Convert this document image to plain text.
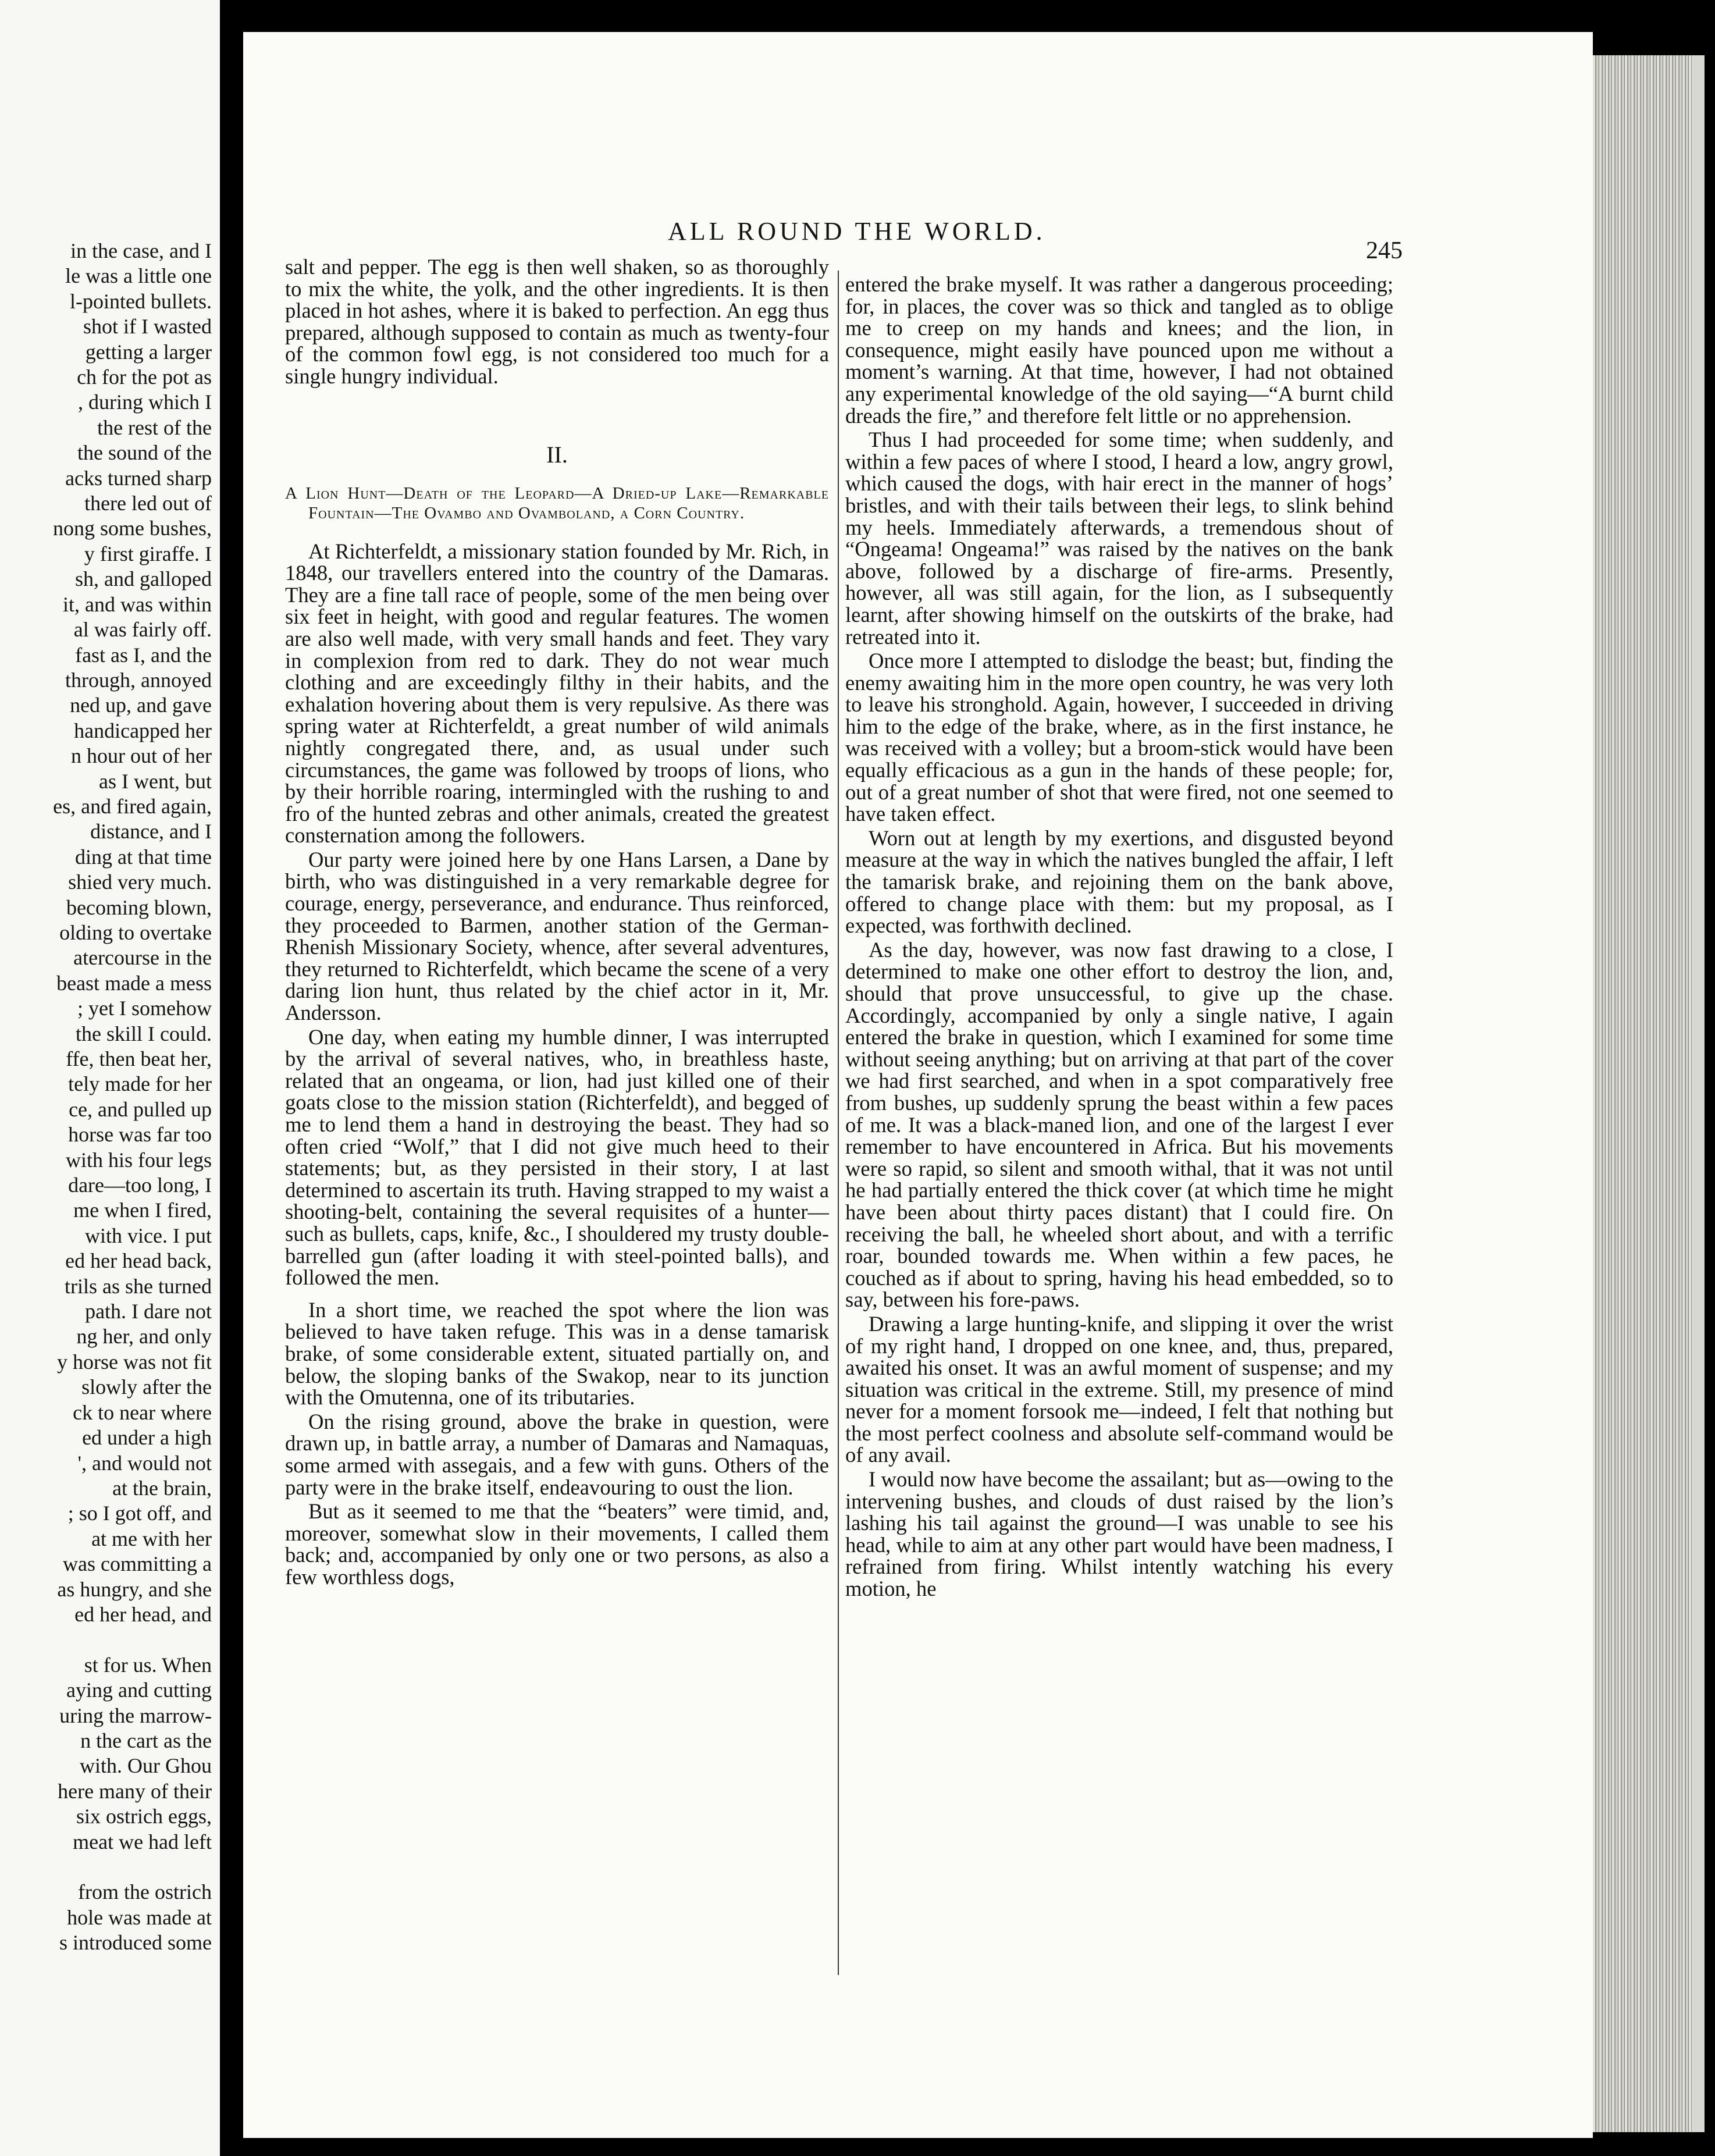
in the case, and I
le was a little one
l-pointed bullets.
shot if I wasted
getting a larger
ch for the pot as
, during which I
the rest of the
the sound of the
acks turned sharp
there led out of
nong some bushes,
y first giraffe. I
sh, and galloped
it, and was within
al was fairly off.
fast as I, and the
through, annoyed
ned up, and gave
handicapped her
n hour out of her
as I went, but
es, and fired again,
distance, and I
ding at that time
shied very much.
becoming blown,
olding to overtake
atercourse in the
beast made a mess
; yet I somehow
the skill I could.
ffe, then beat her,
tely made for her
ce, and pulled up
horse was far too
with his four legs
dare—too long, I
me when I fired,
with vice. I put
ed her head back,
trils as she turned
path. I dare not
ng her, and only
y horse was not fit
slowly after the
ck to near where
ed under a high
', and would not
at the brain,
; so I got off, and
at me with her
was committing a
as hungry, and she
ed her head, and
st for us. When
aying and cutting
uring the marrow-
n the cart as the
with. Our Ghou
here many of their
six ostrich eggs,
meat we had left
from the ostrich
hole was made at
s introduced some
ALL ROUND THE WORLD.
245

salt and pepper. The egg is then well shaken, so as thoroughly to mix the white, the yolk, and the other ingredients. It is then placed in hot ashes, where it is baked to perfection. An egg thus prepared, although supposed to contain as much as twenty-four of the common fowl egg, is not considered too much for a single hungry individual.

II.
A Lion Hunt—Death of the Leopard—A Dried-up Lake—Remarkable Fountain—The Ovambo and Ovamboland, a Corn Country.

At Richterfeldt, a missionary station founded by Mr. Rich, in 1848, our travellers entered into the country of the Damaras. They are a fine tall race of people, some of the men being over six feet in height, with good and regular features. The women are also well made, with very small hands and feet. They vary in complexion from red to dark. They do not wear much clothing and are exceedingly filthy in their habits, and the exhalation hovering about them is very repulsive. As there was spring water at Richterfeldt, a great number of wild animals nightly congregated there, and, as usual under such circumstances, the game was followed by troops of lions, who by their horrible roaring, intermingled with the rushing to and fro of the hunted zebras and other animals, created the greatest consternation among the followers.

Our party were joined here by one Hans Larsen, a Dane by birth, who was distinguished in a very remarkable degree for courage, energy, perseverance, and endurance. Thus reinforced, they proceeded to Barmen, another station of the German-Rhenish Missionary Society, whence, after several adventures, they returned to Richterfeldt, which became the scene of a very daring lion hunt, thus related by the chief actor in it, Mr. Andersson.

One day, when eating my humble dinner, I was interrupted by the arrival of several natives, who, in breathless haste, related that an ongeama, or lion, had just killed one of their goats close to the mission station (Richterfeldt), and begged of me to lend them a hand in destroying the beast. They had so often cried “Wolf,” that I did not give much heed to their statements; but, as they persisted in their story, I at last determined to ascertain its truth. Having strapped to my waist a shooting-belt, containing the several requisites of a hunter—such as bullets, caps, knife, &c., I shouldered my trusty double-barrelled gun (after loading it with steel-pointed balls), and followed the men.

In a short time, we reached the spot where the lion was believed to have taken refuge. This was in a dense tamarisk brake, of some considerable extent, situated partially on, and below, the sloping banks of the Swakop, near to its junction with the Omutenna, one of its tributaries.

On the rising ground, above the brake in question, were drawn up, in battle array, a number of Damaras and Namaquas, some armed with assegais, and a few with guns. Others of the party were in the brake itself, endeavouring to oust the lion.

But as it seemed to me that the “beaters” were timid, and, moreover, somewhat slow in their movements, I called them back; and, accompanied by only one or two persons, as also a few worthless dogs,

entered the brake myself. It was rather a dangerous proceeding; for, in places, the cover was so thick and tangled as to oblige me to creep on my hands and knees; and the lion, in consequence, might easily have pounced upon me without a moment’s warning. At that time, however, I had not obtained any experimental knowledge of the old saying—“A burnt child dreads the fire,” and therefore felt little or no apprehension.

Thus I had proceeded for some time; when suddenly, and within a few paces of where I stood, I heard a low, angry growl, which caused the dogs, with hair erect in the manner of hogs’ bristles, and with their tails between their legs, to slink behind my heels. Immediately afterwards, a tremendous shout of “Ongeama! Ongeama!” was raised by the natives on the bank above, followed by a discharge of fire-arms. Presently, however, all was still again, for the lion, as I subsequently learnt, after showing himself on the outskirts of the brake, had retreated into it.

Once more I attempted to dislodge the beast; but, finding the enemy awaiting him in the more open country, he was very loth to leave his stronghold. Again, however, I succeeded in driving him to the edge of the brake, where, as in the first instance, he was received with a volley; but a broom-stick would have been equally efficacious as a gun in the hands of these people; for, out of a great number of shot that were fired, not one seemed to have taken effect.

Worn out at length by my exertions, and disgusted beyond measure at the way in which the natives bungled the affair, I left the tamarisk brake, and rejoining them on the bank above, offered to change place with them: but my proposal, as I expected, was forthwith declined.

As the day, however, was now fast drawing to a close, I determined to make one other effort to destroy the lion, and, should that prove unsuccessful, to give up the chase. Accordingly, accompanied by only a single native, I again entered the brake in question, which I examined for some time without seeing anything; but on arriving at that part of the cover we had first searched, and when in a spot comparatively free from bushes, up suddenly sprung the beast within a few paces of me. It was a black-maned lion, and one of the largest I ever remember to have encountered in Africa. But his movements were so rapid, so silent and smooth withal, that it was not until he had partially entered the thick cover (at which time he might have been about thirty paces distant) that I could fire. On receiving the ball, he wheeled short about, and with a terrific roar, bounded towards me. When within a few paces, he couched as if about to spring, having his head embedded, so to say, between his fore-paws.

Drawing a large hunting-knife, and slipping it over the wrist of my right hand, I dropped on one knee, and, thus, prepared, awaited his onset. It was an awful moment of suspense; and my situation was critical in the extreme. Still, my presence of mind never for a moment forsook me—indeed, I felt that nothing but the most perfect coolness and absolute self-command would be of any avail.

I would now have become the assailant; but as—owing to the intervening bushes, and clouds of dust raised by the lion’s lashing his tail against the ground—I was unable to see his head, while to aim at any other part would have been madness, I refrained from firing. Whilst intently watching his every motion, he
